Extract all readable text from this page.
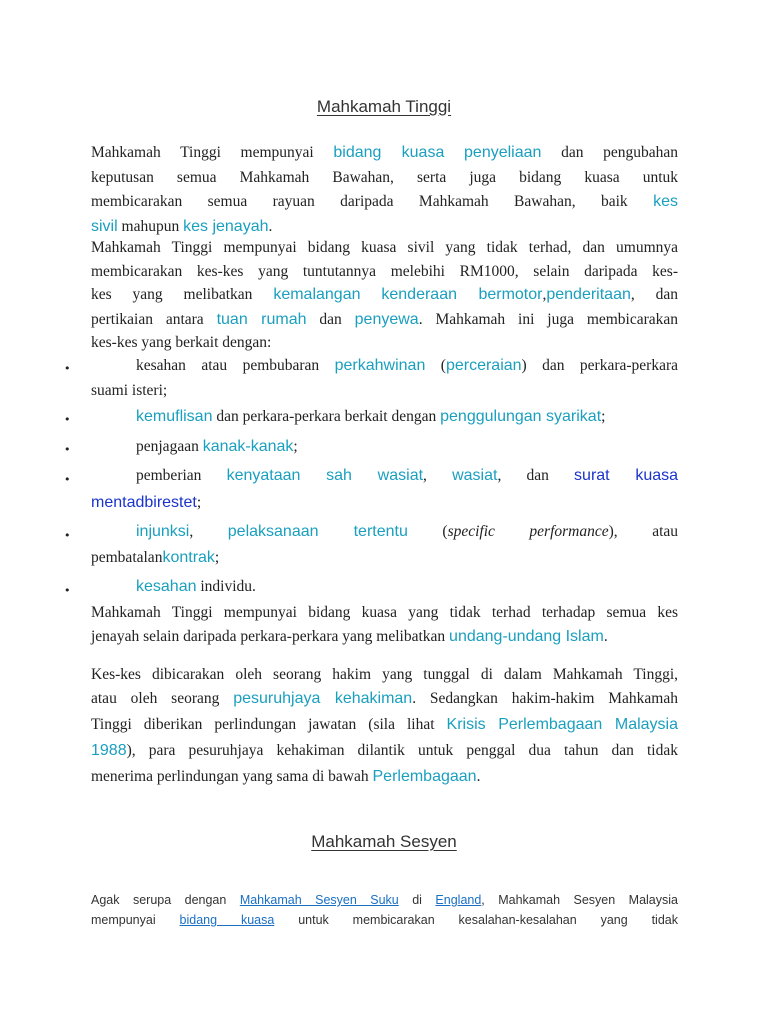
Mahkamah Tinggi
Mahkamah Tinggi mempunyai bidang kuasa penyeliaan dan pengubahan
keputusan semua Mahkamah Bawahan, serta juga bidang kuasa untuk
membicarakan semua rayuan daripada Mahkamah Bawahan, baik kes
sivil mahupun kes jenayah.
Mahkamah Tinggi mempunyai bidang kuasa sivil yang tidak terhad, dan umumnya
membicarakan kes-kes yang tuntutannya melebihi RM1000, selain daripada kes-
kes yang melibatkan kemalangan kenderaan bermotor,penderitaan, dan
pertikaian antara tuan rumah dan penyewa. Mahkamah ini juga membicarakan
kes-kes yang berkait dengan:
•	kesahan atau pembubaran perkahwinan (perceraian) dan perkara-perkara
suami isteri;
•	kemuflisan dan perkara-perkara berkait dengan penggulungan syarikat;
•	penjagaan kanak-kanak;
•	pemberian kenyataan sah wasiat, wasiat, dan surat kuasa
mentadbirestet;
•	injunksi, pelaksanaan tertentu (specific performance), atau
pembatalankontrak;
•	kesahan individu.
Mahkamah Tinggi mempunyai bidang kuasa yang tidak terhad terhadap semua kes
jenayah selain daripada perkara-perkara yang melibatkan undang-undang Islam.
Kes-kes dibicarakan oleh seorang hakim yang tunggal di dalam Mahkamah Tinggi,
atau oleh seorang pesuruhjaya kehakiman. Sedangkan hakim-hakim Mahkamah
Tinggi diberikan perlindungan jawatan (sila lihat Krisis Perlembagaan Malaysia
1988), para pesuruhjaya kehakiman dilantik untuk penggal dua tahun dan tidak
menerima perlindungan yang sama di bawah Perlembagaan.
Mahkamah Sesyen
Agak serupa dengan Mahkamah Sesyen Suku di England, Mahkamah Sesyen Malaysia
mempunyai bidang kuasa untuk membicarakan kesalahan-kesalahan yang tidak
